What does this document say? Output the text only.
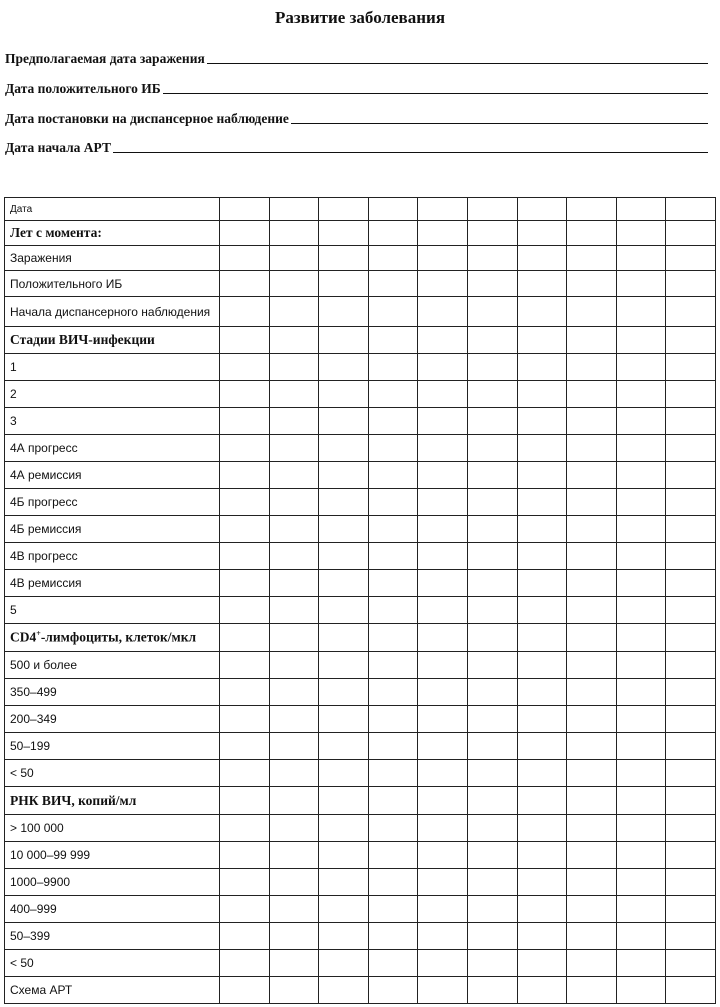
Развитие заболевания
Предполагаемая дата заражения
Дата положительного ИБ
Дата постановки на диспансерное наблюдение
Дата начала АРТ
Дата										
Лет с момента:										
Заражения										
Положительного ИБ										
Начала диспансерного наблюдения										
Стадии ВИЧ-инфекции										
1										
2										
3										
4А прогресс										
4А ремиссия										
4Б прогресс										
4Б ремиссия										
4В прогресс										
4В ремиссия										
5										
CD4+-лимфоциты, клеток/мкл										
500 и более										
350–499										
200–349										
50–199										
< 50										
РНК ВИЧ, копий/мл										
> 100 000										
10 000–99 999										
1000–9900										
400–999										
50–399										
< 50										
Схема АРТ										
